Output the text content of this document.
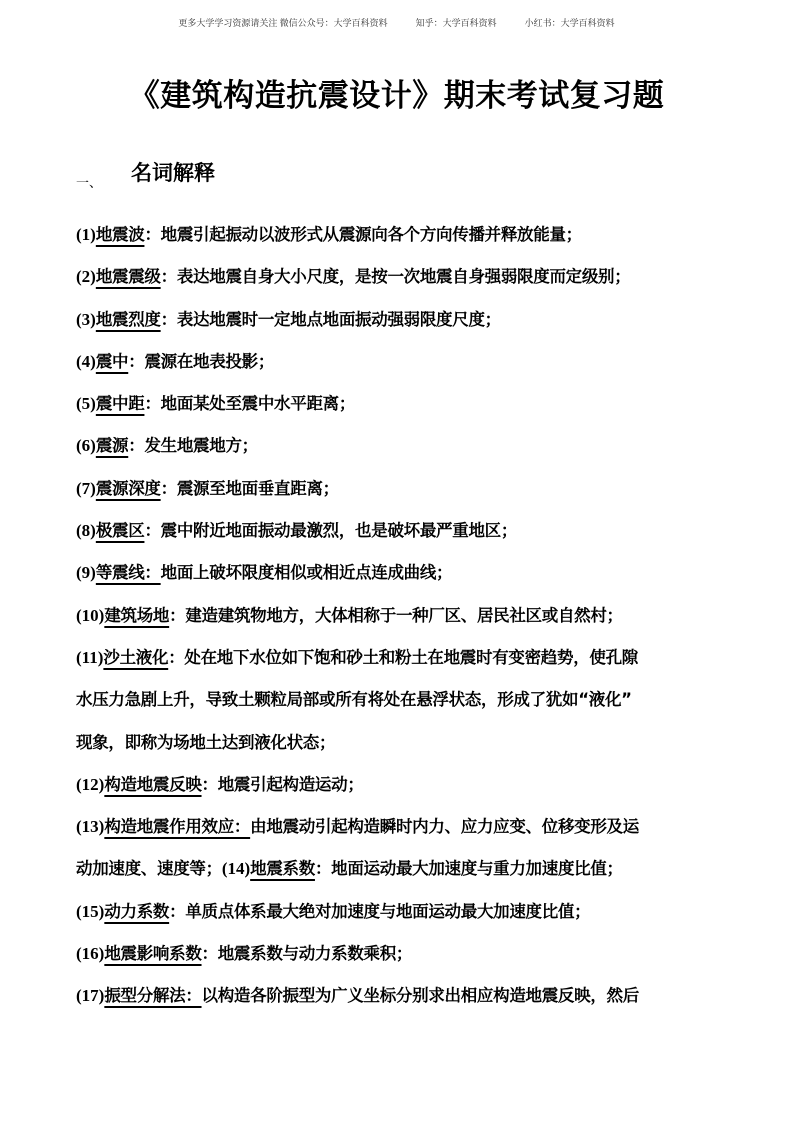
更多大学学习资源请关注 微信公众号：大学百科资料	知乎：大学百科资料	小红书：大学百科资料
《建筑构造抗震设计》期末考试复习题
一、 名词解释
(1)地震波：地震引起振动以波形式从震源向各个方向传播并释放能量；
(2)地震震级：表达地震自身大小尺度，是按一次地震自身强弱限度而定级别；
(3)地震烈度：表达地震时一定地点地面振动强弱限度尺度；
(4)震中：震源在地表投影；
(5)震中距：地面某处至震中水平距离；
(6)震源：发生地震地方；
(7)震源深度：震源至地面垂直距离；
(8)极震区：震中附近地面振动最激烈，也是破坏最严重地区；
(9)等震线：地面上破坏限度相似或相近点连成曲线；
(10)建筑场地：建造建筑物地方，大体相称于一种厂区、居民社区或自然村；
(11)沙土液化：处在地下水位如下饱和砂土和粉土在地震时有变密趋势，使孔隙
水压力急剧上升，导致土颗粒局部或所有将处在悬浮状态，形成了犹如“液化”
现象，即称为场地土达到液化状态；
(12)构造地震反映：地震引起构造运动；
(13)构造地震作用效应：由地震动引起构造瞬时内力、应力应变、位移变形及运
动加速度、速度等；(14)地震系数：地面运动最大加速度与重力加速度比值；
(15)动力系数：单质点体系最大绝对加速度与地面运动最大加速度比值；
(16)地震影响系数：地震系数与动力系数乘积；
(17)振型分解法：以构造各阶振型为广义坐标分别求出相应构造地震反映，然后
